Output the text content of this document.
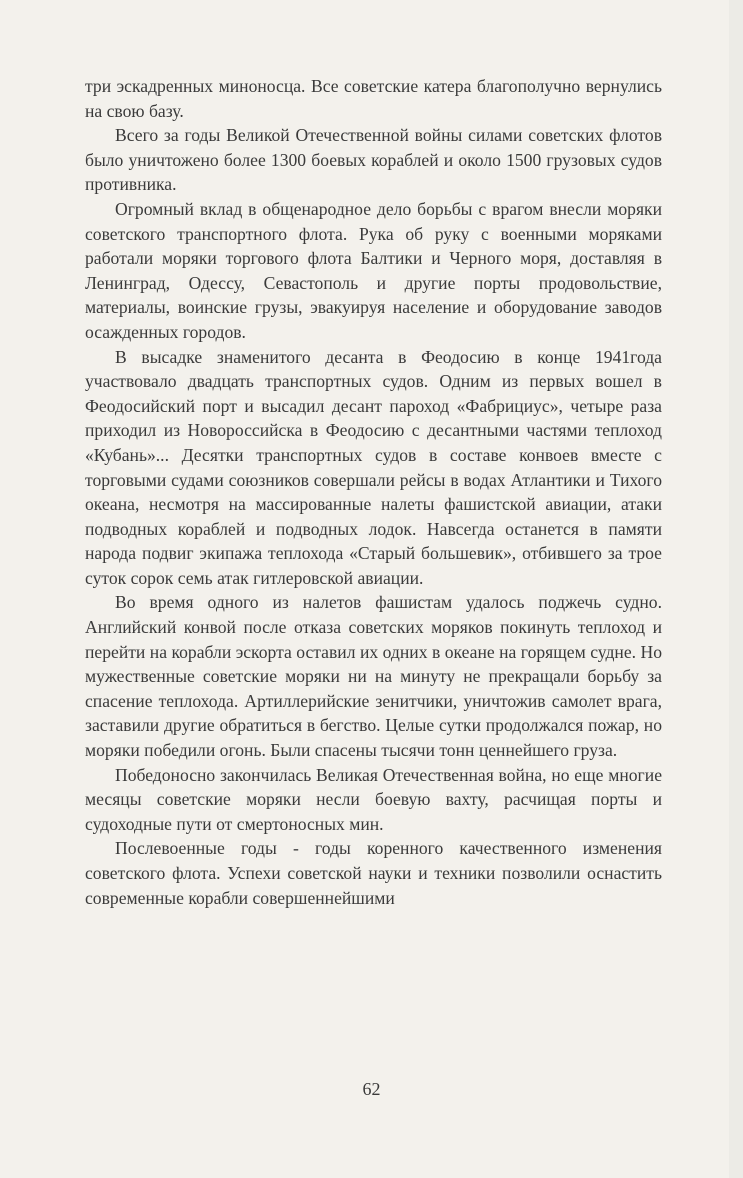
три эскадренных миноносца. Все советские катера благополучно вернулись на свою базу.

Всего за годы Великой Отечественной войны силами советских флотов было уничтожено более 1300 боевых кораблей и около 1500 грузовых судов противника.

Огромный вклад в общенародное дело борьбы с врагом внесли моряки советского транспортного флота. Рука об руку с военными моряками работали моряки торгового флота Балтики и Черного моря, доставляя в Ленинград, Одессу, Севастополь и другие порты продовольствие, материалы, воинские грузы, эвакуируя население и оборудование заводов осажденных городов.

В высадке знаменитого десанта в Феодосию в конце 1941года участвовало двадцать транспортных судов. Одним из первых вошел в Феодосийский порт и высадил десант пароход «Фабрициус», четыре раза приходил из Новороссийска в Феодосию с десантными частями теплоход «Кубань»... Десятки транспортных судов в составе конвоев вместе с торговыми судами союзников совершали рейсы в водах Атлантики и Тихого океана, несмотря на массированные налеты фашистской авиации, атаки подводных кораблей и подводных лодок. Навсегда останется в памяти народа подвиг экипажа теплохода «Старый большевик», отбившего за трое суток сорок семь атак гитлеровской авиации.

Во время одного из налетов фашистам удалось поджечь судно. Английский конвой после отказа советских моряков покинуть теплоход и перейти на корабли эскорта оставил их одних в океане на горящем судне. Но мужественные советские моряки ни на минуту не прекращали борьбу за спасение теплохода. Артиллерийские зенитчики, уничтожив самолет врага, заставили другие обратиться в бегство. Целые сутки продолжался пожар, но моряки победили огонь. Были спасены тысячи тонн ценнейшего груза.

Победоносно закончилась Великая Отечественная война, но еще многие месяцы советские моряки несли боевую вахту, расчищая порты и судоходные пути от смертоносных мин.

Послевоенные годы - годы коренного качественного изменения советского флота. Успехи советской науки и техники позволили оснастить современные корабли совершеннейшими

62
